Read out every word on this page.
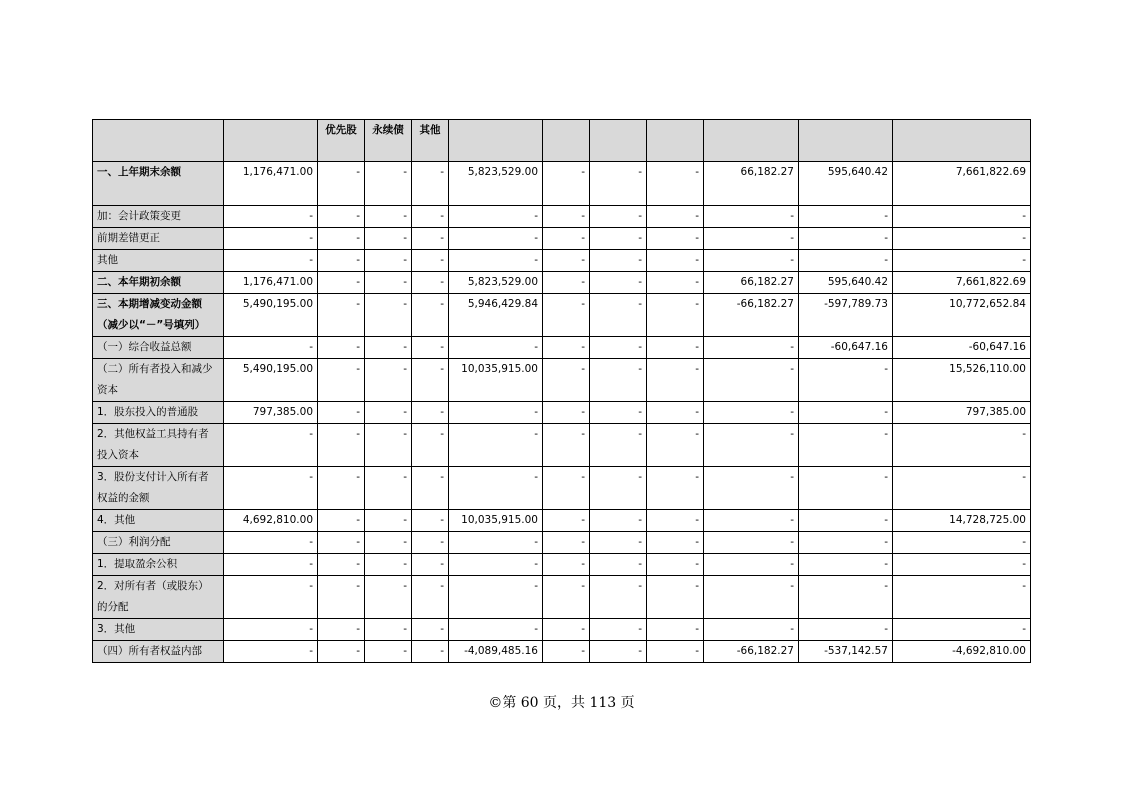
		优先股	永续债	其他							
一、上年期末余额	1,176,471.00	-	-	-	5,823,529.00	-	-	-	66,182.27	595,640.42	7,661,822.69
加：会计政策变更	-	-	-	-	-	-	-	-	-	-	-
前期差错更正	-	-	-	-	-	-	-	-	-	-	-
其他	-	-	-	-	-	-	-	-	-	-	-
二、本年期初余额	1,176,471.00	-	-	-	5,823,529.00	-	-	-	66,182.27	595,640.42	7,661,822.69
三、本期增减变动金额（减少以“－”号填列）	5,490,195.00	-	-	-	5,946,429.84	-	-	-	-66,182.27	-597,789.73	10,772,652.84
（一）综合收益总额	-	-	-	-	-	-	-	-	-	-60,647.16	-60,647.16
（二）所有者投入和减少资本	5,490,195.00	-	-	-	10,035,915.00	-	-	-	-	-	15,526,110.00
1．股东投入的普通股	797,385.00	-	-	-	-	-	-	-	-	-	797,385.00
2．其他权益工具持有者投入资本	-	-	-	-	-	-	-	-	-	-	-
3．股份支付计入所有者权益的金额	-	-	-	-	-	-	-	-	-	-	-
4．其他	4,692,810.00	-	-	-	10,035,915.00	-	-	-	-	-	14,728,725.00
（三）利润分配	-	-	-	-	-	-	-	-	-	-	-
1．提取盈余公积	-	-	-	-	-	-	-	-	-	-	-
2．对所有者（或股东）的分配	-	-	-	-	-	-	-	-	-	-	-
3．其他	-	-	-	-	-	-	-	-	-	-	-
（四）所有者权益内部	-	-	-	-	-4,089,485.16	-	-	-	-66,182.27	-537,142.57	-4,692,810.00
©第 60 页，共 113 页
